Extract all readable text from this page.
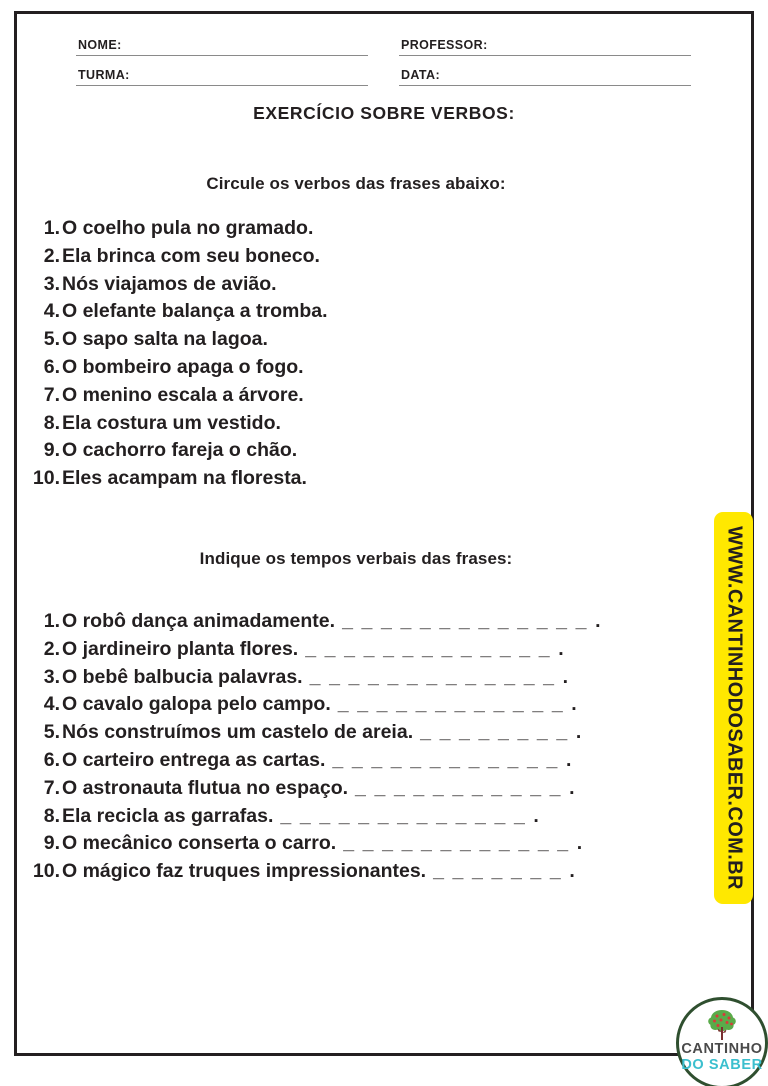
NOME:
TURMA:
PROFESSOR:
DATA:
EXERCÍCIO SOBRE VERBOS:
Circule os verbos das frases abaixo:
1. O coelho pula no gramado.
2. Ela brinca com seu boneco.
3. Nós viajamos de avião.
4. O elefante balança a tromba.
5. O sapo salta na lagoa.
6. O bombeiro apaga o fogo.
7. O menino escala a árvore.
8. Ela costura um vestido.
9. O cachorro fareja o chão.
10. Eles acampam na floresta.
Indique os tempos verbais das frases:
1. O robô dança animadamente. _ _ _ _ _ _ _ _ _ _ _ _ _ .
2. O jardineiro planta flores. _ _ _ _ _ _ _ _ _ _ _ _ _ .
3. O bebê balbucia palavras. _ _ _ _ _ _ _ _ _ _ _ _ _ .
4. O cavalo galopa pelo campo. _ _ _ _ _ _ _ _ _ _ _ _ .
5. Nós construímos um castelo de areia. _ _ _ _ _ _ _ _ .
6. O carteiro entrega as cartas. _ _ _ _ _ _ _ _ _ _ _ _ .
7. O astronauta flutua no espaço. _ _ _ _ _ _ _ _ _ _ _ .
8. Ela recicla as garrafas. _ _ _ _ _ _ _ _ _ _ _ _ _ .
9. O mecânico conserta o carro. _ _ _ _ _ _ _ _ _ _ _ _ .
10. O mágico faz truques impressionantes. _ _ _ _ _ _ _ .	WWW.CANTINHODOSABER.COM.BR
CANTINHO
DO SABER
